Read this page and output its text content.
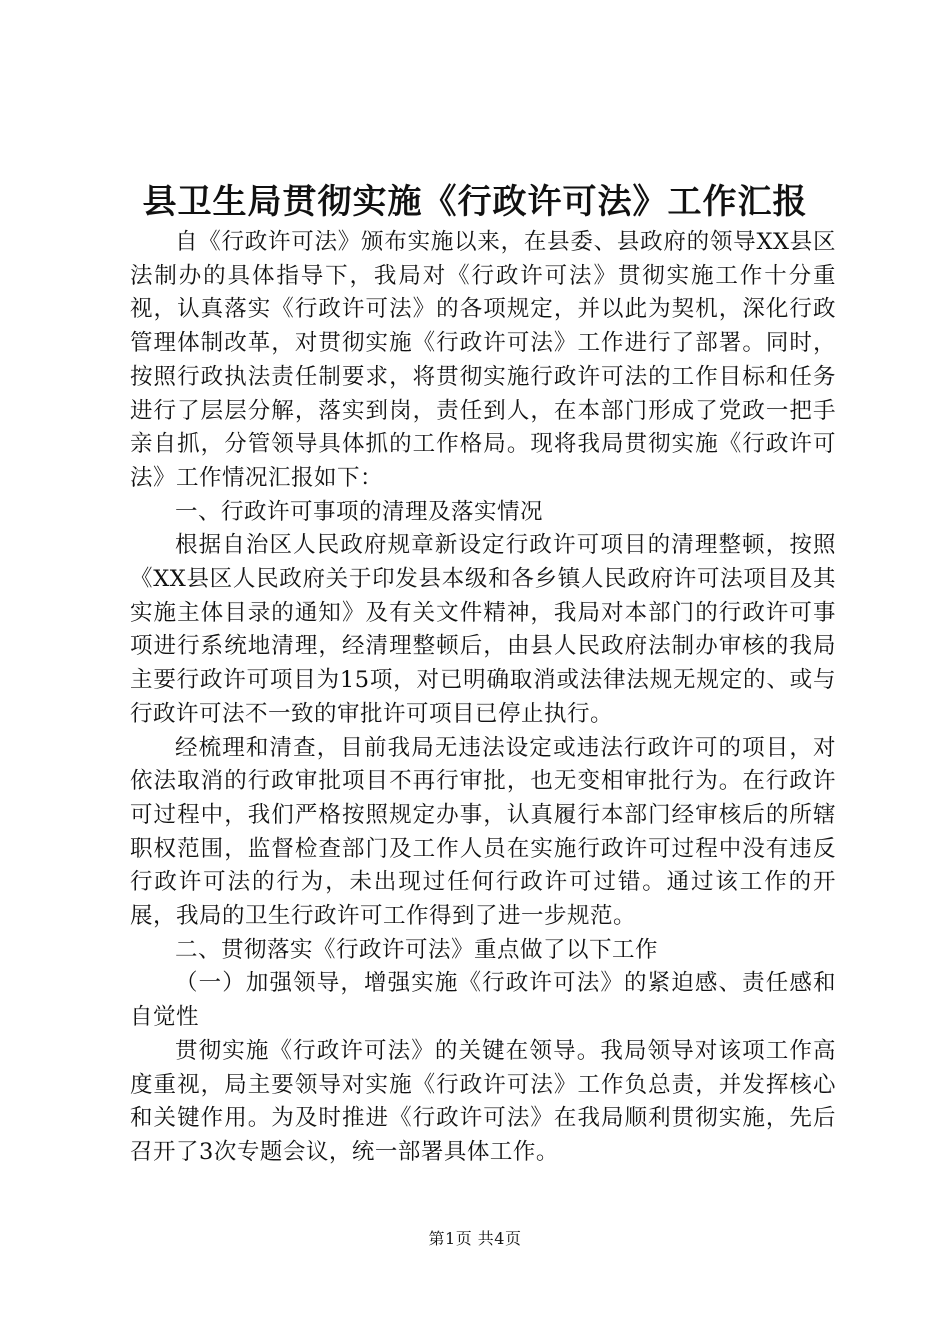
县卫生局贯彻实施《行政许可法》工作汇报

自《行政许可法》颁布实施以来，在县委、县政府的领导XX县区法制办的具体指导下，我局对《行政许可法》贯彻实施工作十分重视，认真落实《行政许可法》的各项规定，并以此为契机，深化行政管理体制改革，对贯彻实施《行政许可法》工作进行了部署。同时，按照行政执法责任制要求，将贯彻实施行政许可法的工作目标和任务进行了层层分解，落实到岗，责任到人，在本部门形成了党政一把手亲自抓，分管领导具体抓的工作格局。现将我局贯彻实施《行政许可法》工作情况汇报如下：

一、行政许可事项的清理及落实情况

根据自治区人民政府规章新设定行政许可项目的清理整顿，按照《XX县区人民政府关于印发县本级和各乡镇人民政府许可法项目及其实施主体目录的通知》及有关文件精神，我局对本部门的行政许可事项进行系统地清理，经清理整顿后，由县人民政府法制办审核的我局主要行政许可项目为15项，对已明确取消或法律法规无规定的、或与行政许可法不一致的审批许可项目已停止执行。

经梳理和清查，目前我局无违法设定或违法行政许可的项目，对依法取消的行政审批项目不再行审批，也无变相审批行为。在行政许可过程中，我们严格按照规定办事，认真履行本部门经审核后的所辖职权范围，监督检查部门及工作人员在实施行政许可过程中没有违反行政许可法的行为，未出现过任何行政许可过错。通过该工作的开展，我局的卫生行政许可工作得到了进一步规范。

二、贯彻落实《行政许可法》重点做了以下工作

（一）加强领导，增强实施《行政许可法》的紧迫感、责任感和自觉性

贯彻实施《行政许可法》的关键在领导。我局领导对该项工作高度重视，局主要领导对实施《行政许可法》工作负总责，并发挥核心和关键作用。为及时推进《行政许可法》在我局顺利贯彻实施，先后召开了3次专题会议，统一部署具体工作。

第1页 共4页
